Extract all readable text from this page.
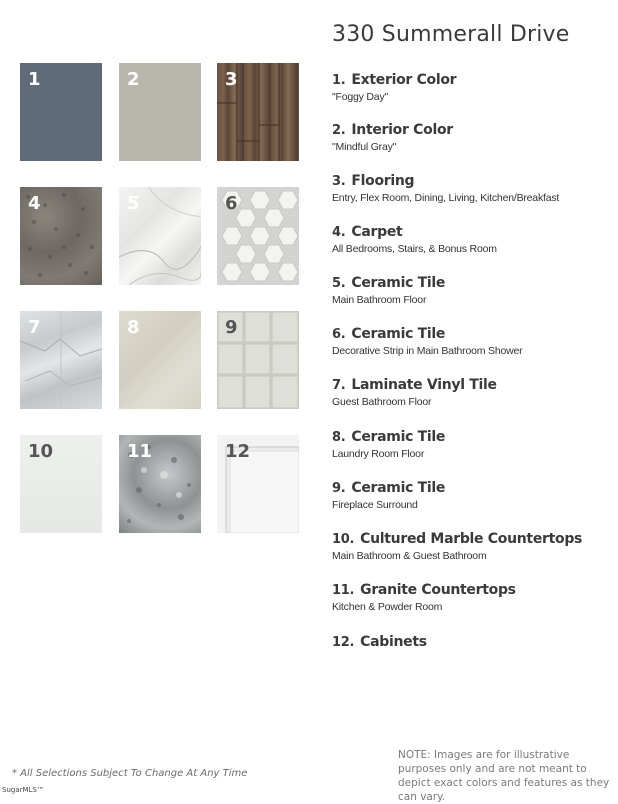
330 Summerall Drive
1	2	3
4	5	6
7	8	9
10	11	12
1. Exterior Color
"Foggy Day"
2. Interior Color
"Mindful Gray"
3. Flooring
Entry, Flex Room, Dining, Living, Kitchen/Breakfast
4. Carpet
All Bedrooms, Stairs, & Bonus Room
5. Ceramic Tile
Main Bathroom Floor
6. Ceramic Tile
Decorative Strip in Main Bathroom Shower
7. Laminate Vinyl Tile
Guest Bathroom Floor
8. Ceramic Tile
Laundry Room Floor
9. Ceramic Tile
Fireplace Surround
10. Cultured Marble Countertops
Main Bathroom & Guest Bathroom
11. Granite Countertops
Kitchen & Powder Room
12. Cabinets
NOTE: Images are for illustrative purposes only and are not meant to depict exact colors and features as they can vary.
* All Selections Subject To Change At Any Time
SugarMLS™
